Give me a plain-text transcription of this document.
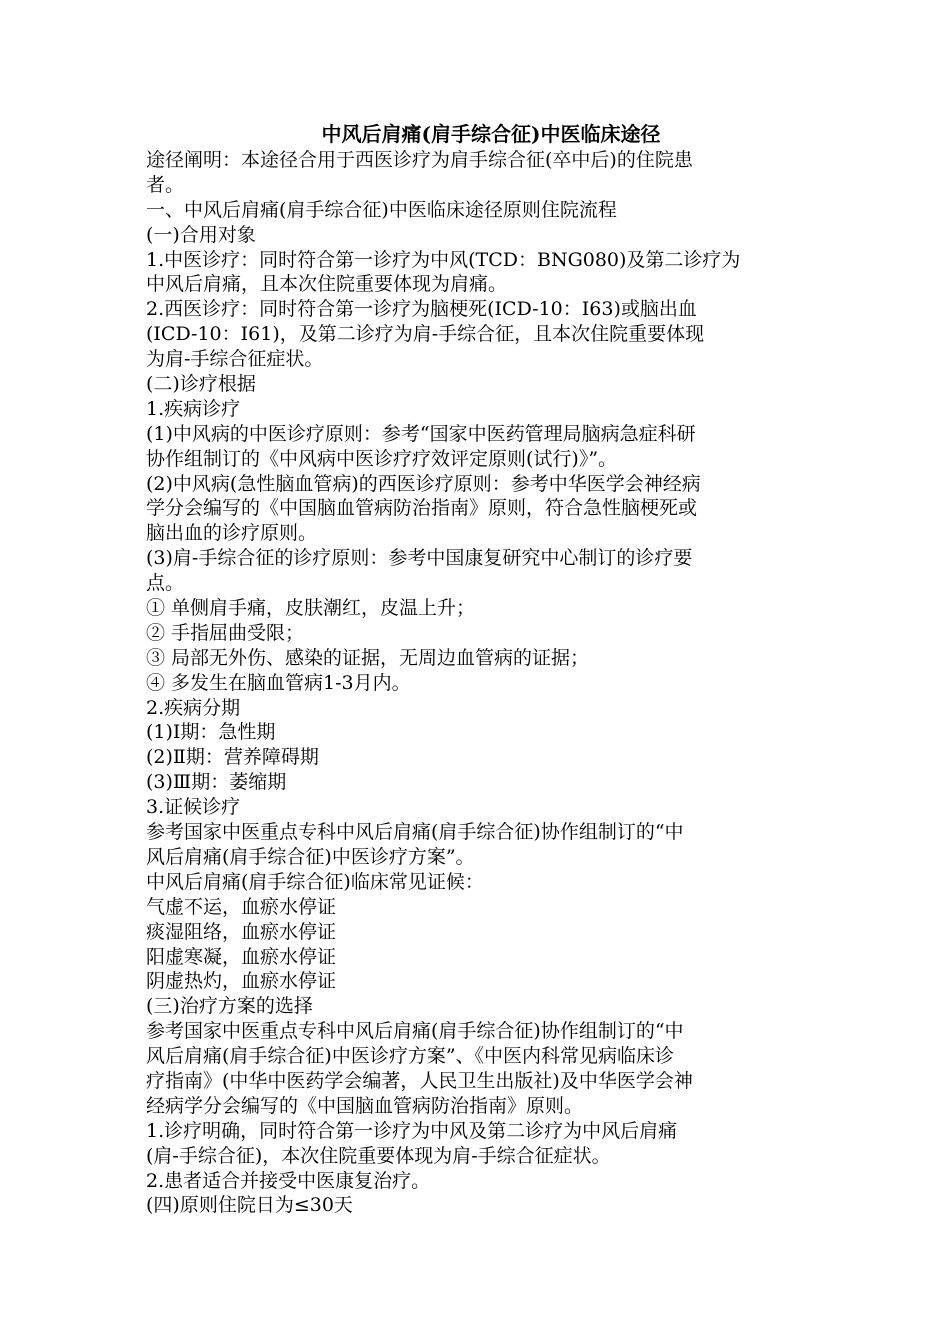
中风后肩痛(肩手综合征)中医临床途径
途径阐明：本途径合用于西医诊疗为肩手综合征(卒中后)的住院患
者。
一、中风后肩痛(肩手综合征)中医临床途径原则住院流程
(一)合用对象
1.中医诊疗：同时符合第一诊疗为中风(TCD：BNG080)及第二诊疗为
中风后肩痛，且本次住院重要体现为肩痛。
2.西医诊疗：同时符合第一诊疗为脑梗死(ICD-10：I63)或脑出血
(ICD-10：I61)，及第二诊疗为肩-手综合征，且本次住院重要体现
为肩-手综合征症状。
(二)诊疗根据
1.疾病诊疗
(1)中风病的中医诊疗原则：参考“国家中医药管理局脑病急症科研
协作组制订的《中风病中医诊疗疗效评定原则(试行)》”。
(2)中风病(急性脑血管病)的西医诊疗原则：参考中华医学会神经病
学分会编写的《中国脑血管病防治指南》原则，符合急性脑梗死或
脑出血的诊疗原则。
(3)肩-手综合征的诊疗原则：参考中国康复研究中心制订的诊疗要
点。
① 单侧肩手痛，皮肤潮红，皮温上升；
② 手指屈曲受限；
③ 局部无外伤、感染的证据，无周边血管病的证据；
④ 多发生在脑血管病1-3月内。
2.疾病分期
(1)Ⅰ期：急性期
(2)Ⅱ期：营养障碍期
(3)Ⅲ期：萎缩期
3.证候诊疗
参考国家中医重点专科中风后肩痛(肩手综合征)协作组制订的“中
风后肩痛(肩手综合征)中医诊疗方案”。
中风后肩痛(肩手综合征)临床常见证候：
气虚不运，血瘀水停证
痰湿阻络，血瘀水停证
阳虚寒凝，血瘀水停证
阴虚热灼，血瘀水停证
(三)治疗方案的选择
参考国家中医重点专科中风后肩痛(肩手综合征)协作组制订的“中
风后肩痛(肩手综合征)中医诊疗方案”、《中医内科常见病临床诊
疗指南》(中华中医药学会编著，人民卫生出版社)及中华医学会神
经病学分会编写的《中国脑血管病防治指南》原则。
1.诊疗明确，同时符合第一诊疗为中风及第二诊疗为中风后肩痛
(肩-手综合征)，本次住院重要体现为肩-手综合征症状。
2.患者适合并接受中医康复治疗。
(四)原则住院日为≤30天
